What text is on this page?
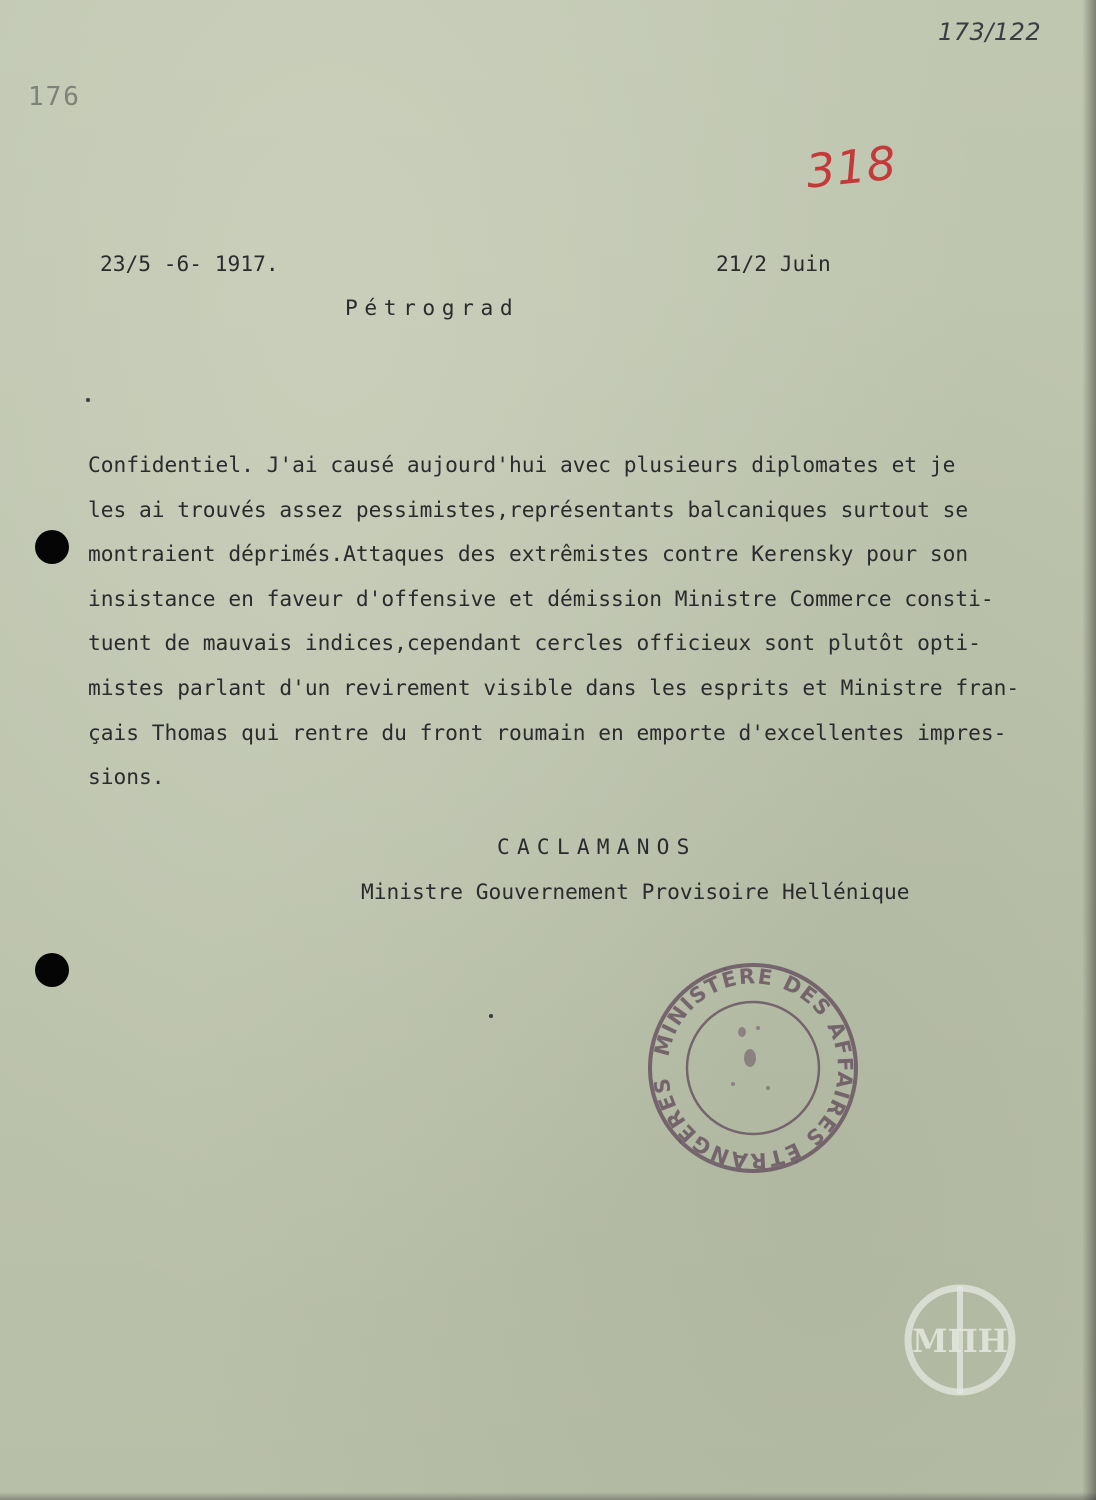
173/122
176
318
23/5 -6- 1917.	21/2 Juin
Pétrograd
Confidentiel. J'ai causé aujourd'hui avec plusieurs diplomates et je
les ai trouvés assez pessimistes,représentants balcaniques surtout se
montraient déprimés.Attaques des extrêmistes contre Kerensky pour son
insistance en faveur d'offensive et démission Ministre Commerce consti-
tuent de mauvais indices,cependant cercles officieux sont plutôt opti-
mistes parlant d'un revirement visible dans les esprits et Ministre fran-
çais Thomas qui rentre du front roumain en emporte d'excellentes impres-
sions.
CACLAMANOS
Ministre Gouvernement Provisoire Hellénique
MINISTÈRE DES AFFAIRES ÉTRANGÈRES
ΜΠΗ
